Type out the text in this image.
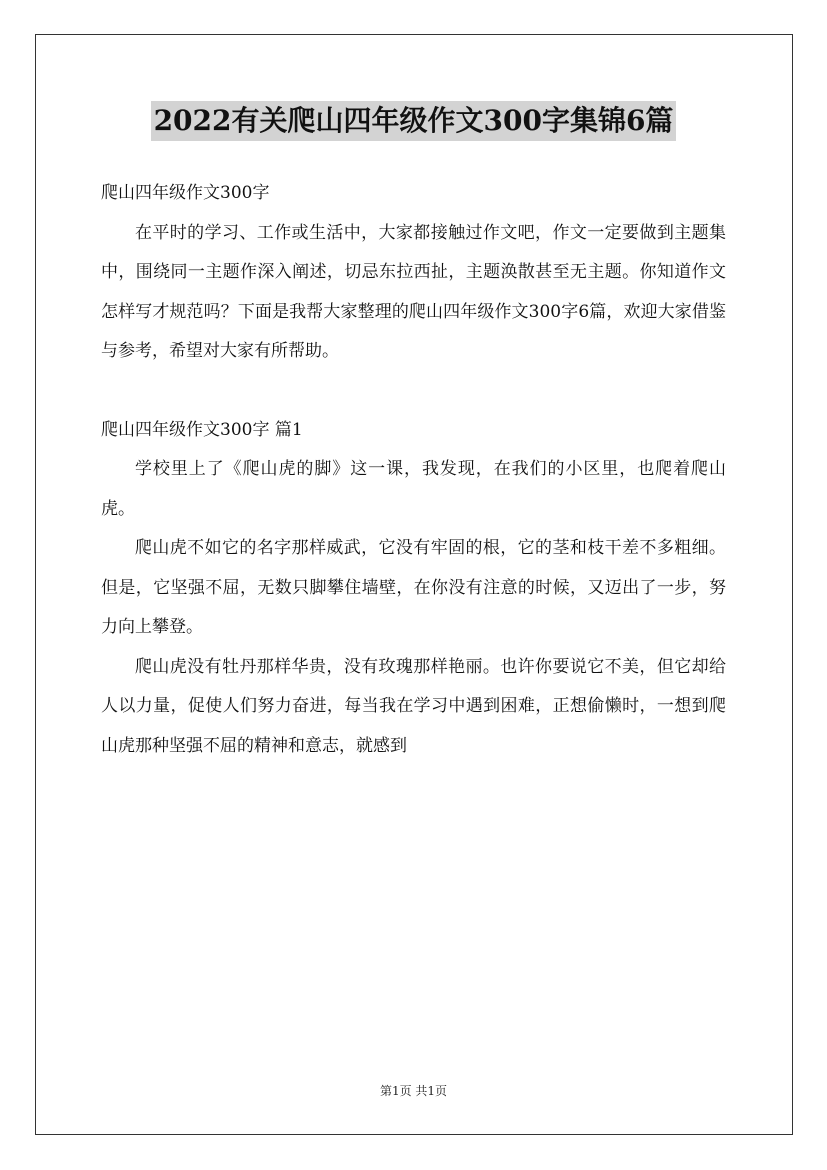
2022有关爬山四年级作文300字集锦6篇

爬山四年级作文300字

在平时的学习、工作或生活中，大家都接触过作文吧，作文一定要做到主题集中，围绕同一主题作深入阐述，切忌东拉西扯，主题涣散甚至无主题。你知道作文怎样写才规范吗？下面是我帮大家整理的爬山四年级作文300字6篇，欢迎大家借鉴与参考，希望对大家有所帮助。

爬山四年级作文300字 篇1

学校里上了《爬山虎的脚》这一课，我发现，在我们的小区里，也爬着爬山虎。

爬山虎不如它的名字那样威武，它没有牢固的根，它的茎和枝干差不多粗细。但是，它坚强不屈，无数只脚攀住墙壁，在你没有注意的时候，又迈出了一步，努力向上攀登。

爬山虎没有牡丹那样华贵，没有玫瑰那样艳丽。也许你要说它不美，但它却给人以力量，促使人们努力奋进，每当我在学习中遇到困难，正想偷懒时，一想到爬山虎那种坚强不屈的精神和意志，就感到

第1页 共1页
